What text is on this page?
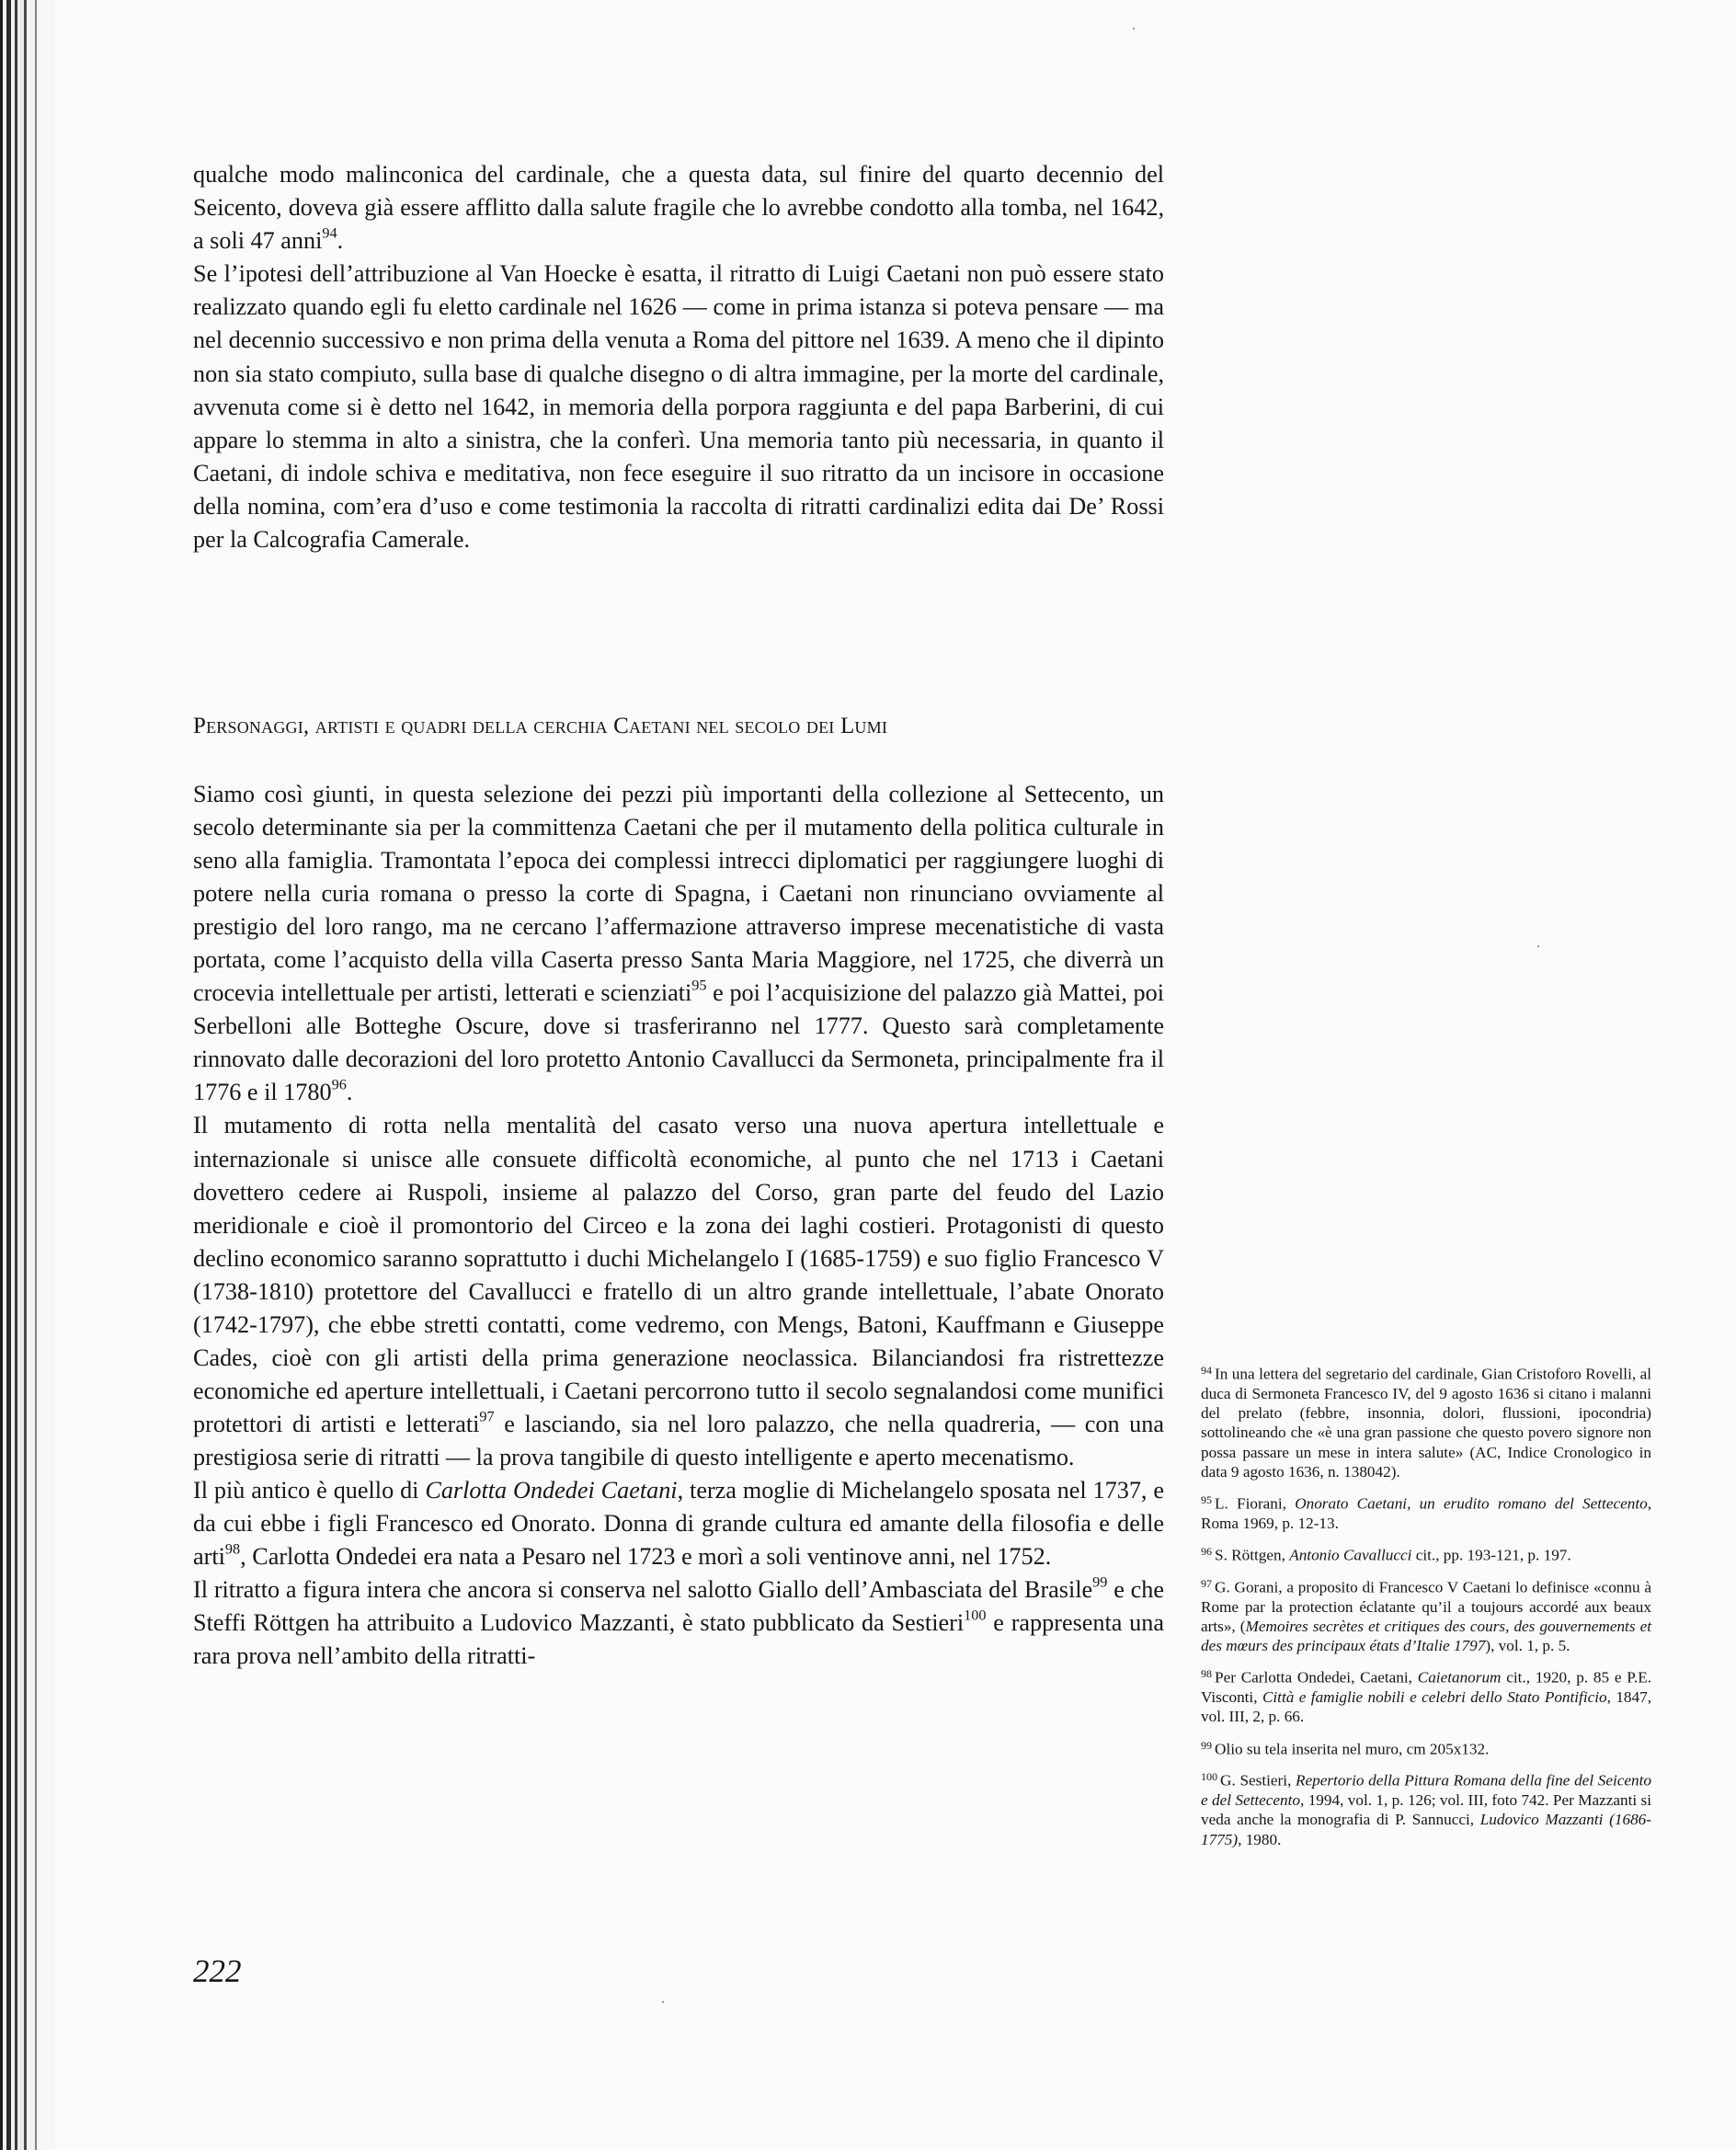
qualche modo malinconica del cardinale, che a questa data, sul finire del quarto decennio del Seicento, doveva già essere afflitto dalla salute fragile che lo avrebbe condotto alla tomba, nel 1642, a soli 47 anni$^{94}$.

Se l’ipotesi dell’attribuzione al Van Hoecke è esatta, il ritratto di Luigi Caetani non può essere stato realizzato quando egli fu eletto cardinale nel 1626 — come in prima istanza si poteva pensare — ma nel decennio successivo e non prima della venuta a Roma del pittore nel 1639. A meno che il dipinto non sia stato compiuto, sulla base di qualche disegno o di altra immagine, per la morte del cardinale, avvenuta come si è detto nel 1642, in memoria della porpora raggiunta e del papa Barberini, di cui appare lo stemma in alto a sinistra, che la conferì. Una memoria tanto più necessaria, in quanto il Caetani, di indole schiva e meditativa, non fece eseguire il suo ritratto da un incisore in occasione della nomina, com’era d’uso e come testimonia la raccolta di ritratti cardinalizi edita dai De’ Rossi per la Calcografia Camerale.

Personaggi, artisti e quadri della cerchia Caetani nel secolo dei Lumi

Siamo così giunti, in questa selezione dei pezzi più importanti della collezione al Settecento, un secolo determinante sia per la committenza Caetani che per il mutamento della politica culturale in seno alla famiglia. Tramontata l’epoca dei complessi intrecci diplomatici per raggiungere luoghi di potere nella curia romana o presso la corte di Spagna, i Caetani non rinunciano ovviamente al prestigio del loro rango, ma ne cercano l’affermazione attraverso imprese mecenatistiche di vasta portata, come l’acquisto della villa Caserta presso Santa Maria Maggiore, nel 1725, che diverrà un crocevia intellettuale per artisti, letterati e scienziati$^{95}$ e poi l’acquisizione del palazzo già Mattei, poi Serbelloni alle Botteghe Oscure, dove si trasferiranno nel 1777. Questo sarà completamente rinnovato dalle decorazioni del loro protetto Antonio Cavallucci da Sermoneta, principalmente fra il 1776 e il 1780$^{96}$.

Il mutamento di rotta nella mentalità del casato verso una nuova apertura intellettuale e internazionale si unisce alle consuete difficoltà economiche, al punto che nel 1713 i Caetani dovettero cedere ai Ruspoli, insieme al palazzo del Corso, gran parte del feudo del Lazio meridionale e cioè il promontorio del Circeo e la zona dei laghi costieri. Protagonisti di questo declino economico saranno soprattutto i duchi Michelangelo I (1685-1759) e suo figlio Francesco V (1738-1810) protettore del Cavallucci e fratello di un altro grande intellettuale, l’abate Onorato (1742-1797), che ebbe stretti contatti, come vedremo, con Mengs, Batoni, Kauffmann e Giuseppe Cades, cioè con gli artisti della prima generazione neoclassica. Bilanciandosi fra ristrettezze economiche ed aperture intellettuali, i Caetani percorrono tutto il secolo segnalandosi come munifici protettori di artisti e letterati$^{97}$ e lasciando, sia nel loro palazzo, che nella quadreria, — con una prestigiosa serie di ritratti — la prova tangibile di questo intelligente e aperto mecenatismo.

Il più antico è quello di Carlotta Ondedei Caetani, terza moglie di Michelangelo sposata nel 1737, e da cui ebbe i figli Francesco ed Onorato. Donna di grande cultura ed amante della filosofia e delle arti$^{98}$, Carlotta Ondedei era nata a Pesaro nel 1723 e morì a soli ventinove anni, nel 1752.

Il ritratto a figura intera che ancora si conserva nel salotto Giallo dell’Ambasciata del Brasile$^{99}$ e che Steffi Röttgen ha attribuito a Ludovico Mazzanti, è stato pubblicato da Sestieri$^{100}$ e rappresenta una rara prova nell’ambito della ritratti-

$^{94}$ In una lettera del segretario del cardinale, Gian Cristoforo Rovelli, al duca di Sermoneta Francesco IV, del 9 agosto 1636 si citano i malanni del prelato (febbre, insonnia, dolori, flussioni, ipocondria) sottolineando che «è una gran passione che questo povero signore non possa passare un mese in intera salute» (AC, Indice Cronologico in data 9 agosto 1636, n. 138042).

$^{95}$ L. Fiorani, Onorato Caetani, un erudito romano del Settecento, Roma 1969, p. 12-13.

$^{96}$ S. Röttgen, Antonio Cavallucci cit., pp. 193-121, p. 197.

$^{97}$ G. Gorani, a proposito di Francesco V Caetani lo definisce «connu à Rome par la protection éclatante qu’il a toujours accordé aux beaux arts», (Memoires secrètes et critiques des cours, des gouvernements et des mœurs des principaux états d’Italie 1797), vol. 1, p. 5.

$^{98}$ Per Carlotta Ondedei, Caetani, Caietanorum cit., 1920, p. 85 e P.E. Visconti, Città e famiglie nobili e celebri dello Stato Pontificio, 1847, vol. III, 2, p. 66.

$^{99}$ Olio su tela inserita nel muro, cm 205x132.

$^{100}$ G. Sestieri, Repertorio della Pittura Romana della fine del Seicento e del Settecento, 1994, vol. 1, p. 126; vol. III, foto 742. Per Mazzanti si veda anche la monografia di P. Sannucci, Ludovico Mazzanti (1686- 1775), 1980.

222
